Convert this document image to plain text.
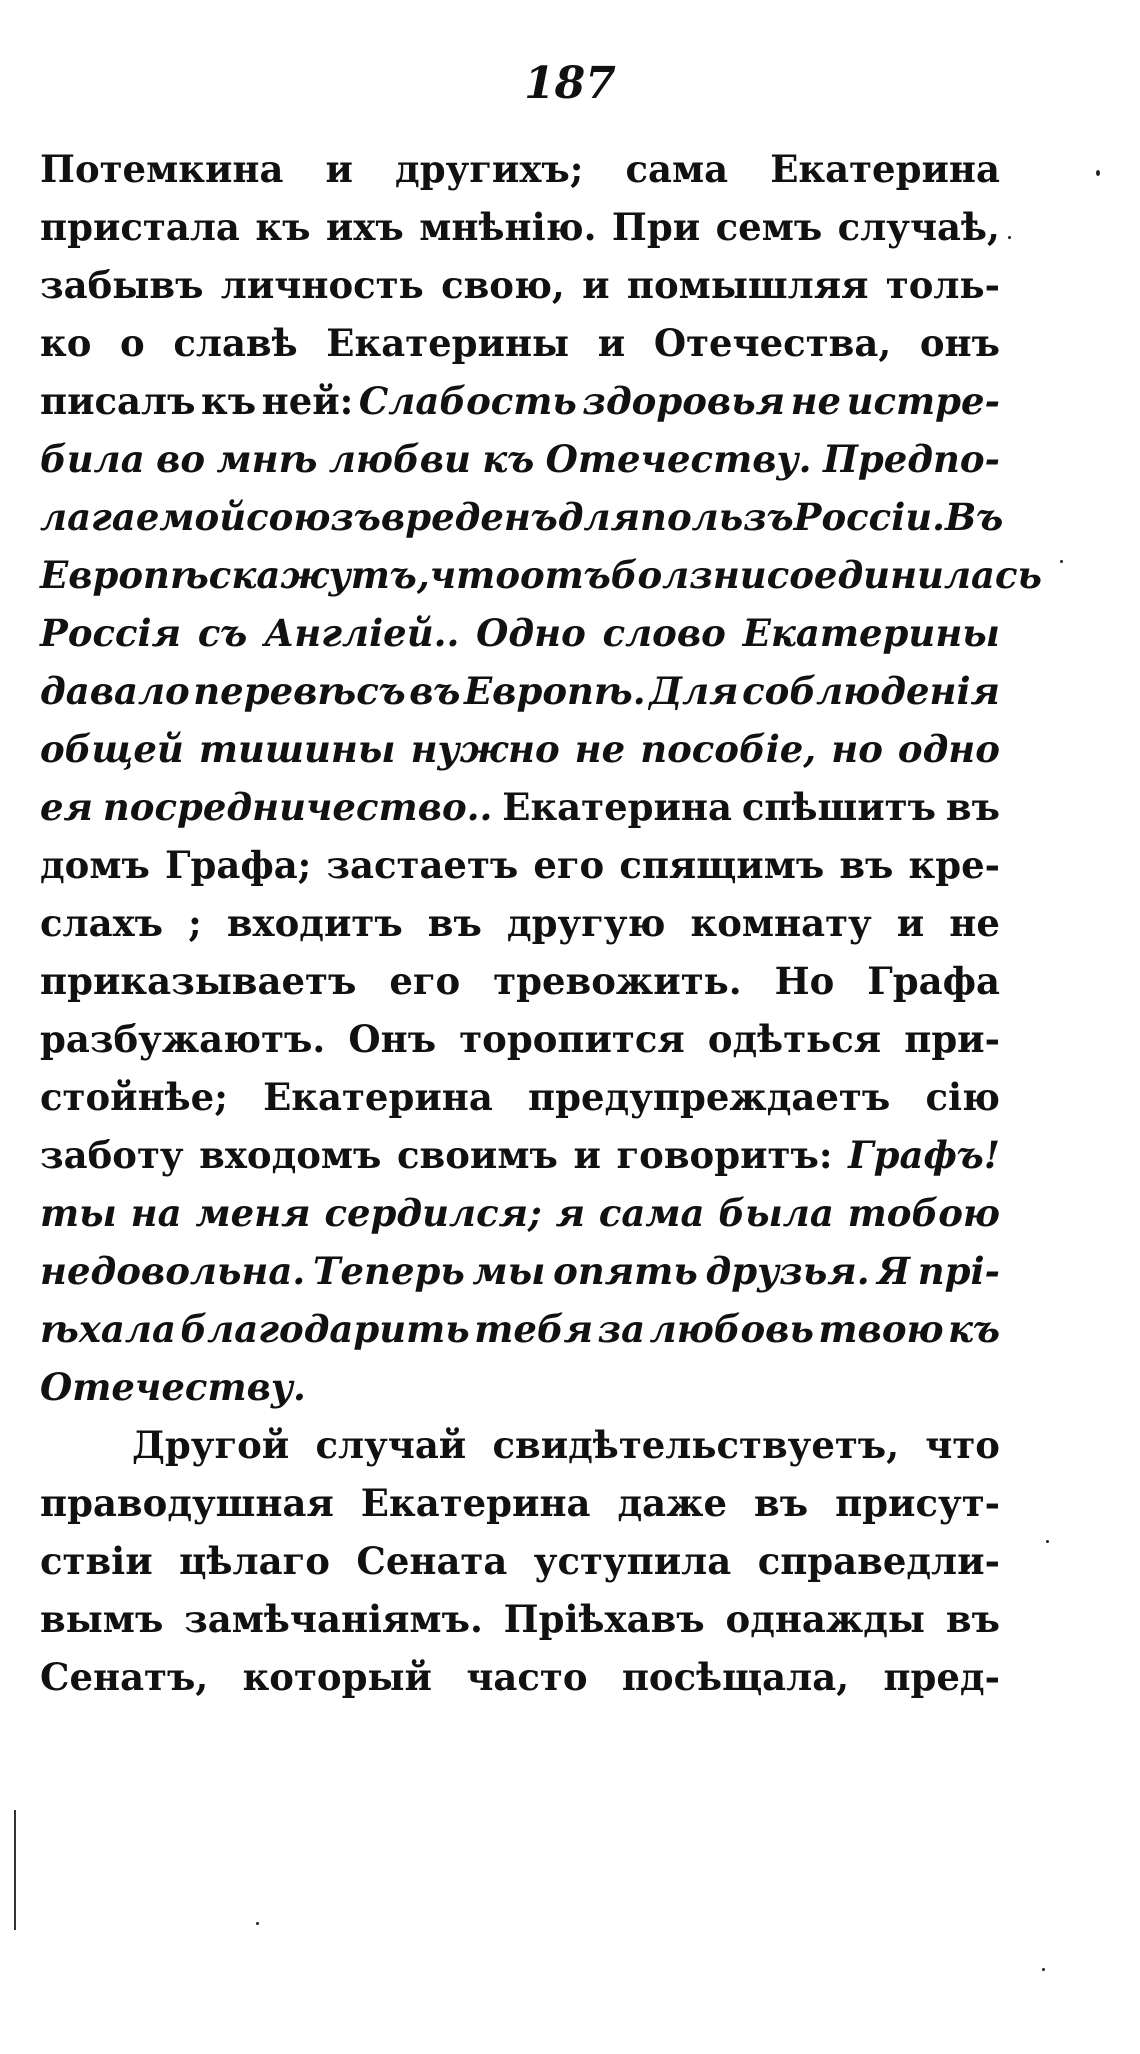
187
Потемкина и другихъ; сама Екатерина
пристала къ ихъ мнѣнію. При семъ случаѣ,
забывъ личность свою, и помышляя толь-
ко о славѣ Екатерины и Отечества, онъ
писалъ къ ней: Слабость здоровья не истре-
била во мнѣ любви къ Отечеству. Предпо-
лагаемой союзъ вреденъ для пользъ Россіи. Въ
Европѣ скажутъ, что отъ болзни соединилась
Россія съ Англіей.. Одно слово Екатерины
давало перевѣсъ въ Европѣ. Для соблюденія
общей тишины нужно не пособіе, но одно
ея посредничество.. Екатерина спѣшитъ въ
домъ Графа; застаетъ его спящимъ въ кре-
слахъ ; входитъ въ другую комнату и не
приказываетъ его тревожить. Но Графа
разбужаютъ. Онъ торопится одѣться при-
стойнѣе; Екатерина предупреждаетъ сію
заботу входомъ своимъ и говоритъ: Графъ!
ты на меня сердился; я сама была тобою
недовольна. Теперь мы опять друзья. Я прі-
ѣхала благодарить тебя за любовь твою къ
Отечеству.
Другой случай свидѣтельствуетъ, что
праводушная Екатерина даже въ присут-
ствіи цѣлаго Сената уступила справедли-
вымъ замѣчаніямъ. Пріѣхавъ однажды въ
Сенатъ, который часто посѣщала, пред-
